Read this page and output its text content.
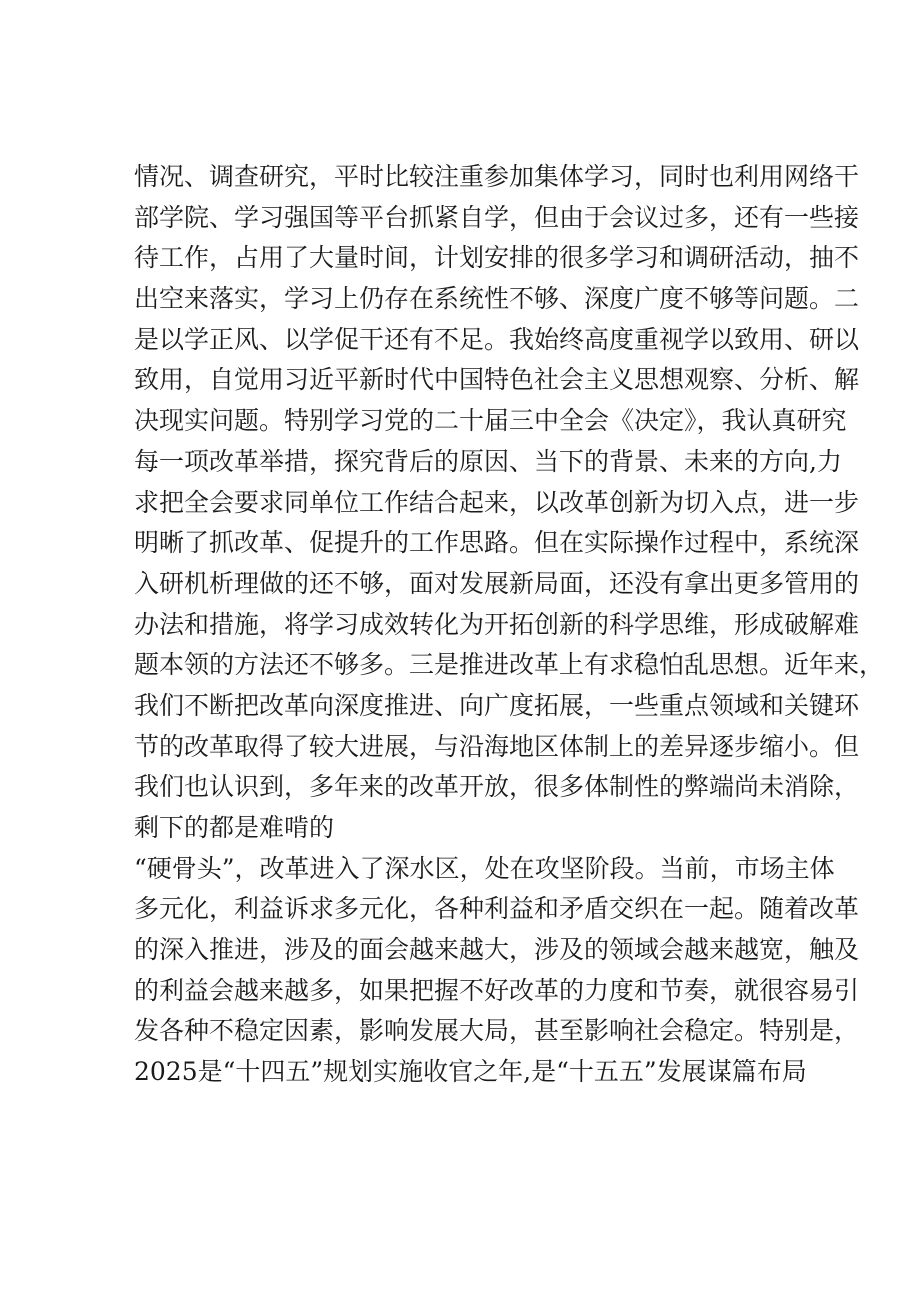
情况、调查研究，平时比较注重参加集体学习，同时也利用网络干
部学院、学习强国等平台抓紧自学，但由于会议过多，还有一些接
待工作，占用了大量时间，计划安排的很多学习和调研活动，抽不
出空来落实，学习上仍存在系统性不够、深度广度不够等问题。二
是以学正风、以学促干还有不足。我始终高度重视学以致用、研以
致用，自觉用习近平新时代中国特色社会主义思想观察、分析、解
决现实问题。特别学习党的二十届三中全会《决定》，我认真研究
每一项改革举措，探究背后的原因、当下的背景、未来的方向,力
求把全会要求同单位工作结合起来，以改革创新为切入点，进一步
明晰了抓改革、促提升的工作思路。但在实际操作过程中，系统深
入研机析理做的还不够，面对发展新局面，还没有拿出更多管用的
办法和措施，将学习成效转化为开拓创新的科学思维，形成破解难
题本领的方法还不够多。三是推进改革上有求稳怕乱思想。近年来，
我们不断把改革向深度推进、向广度拓展，一些重点领域和关键环
节的改革取得了较大进展，与沿海地区体制上的差异逐步缩小。但
我们也认识到，多年来的改革开放，很多体制性的弊端尚未消除，
剩下的都是难啃的
“硬骨头”，改革进入了深水区，处在攻坚阶段。当前，市场主体
多元化，利益诉求多元化，各种利益和矛盾交织在一起。随着改革
的深入推进，涉及的面会越来越大，涉及的领域会越来越宽，触及
的利益会越来越多，如果把握不好改革的力度和节奏，就很容易引
发各种不稳定因素，影响发展大局，甚至影响社会稳定。特别是，
2025是“十四五”规划实施收官之年,是“十五五”发展谋篇布局
